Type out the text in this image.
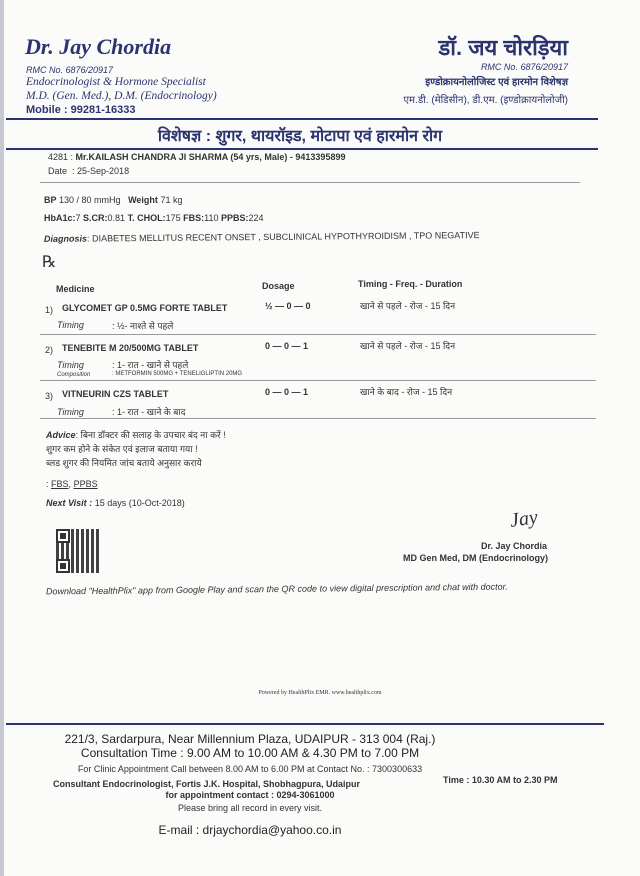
Dr. Jay Chordia
RMC No. 6876/20917
Endocrinologist & Hormone Specialist
M.D. (Gen. Med.), D.M. (Endocrinology)
Mobile : 99281-16333
डॉ. जय चोरड़िया
RMC No. 6876/20917
इण्डोक्रायनोलोजिस्ट एवं हारमोन विशेषज्ञ
एम.डी. (मेडिसीन), डी.एम. (इण्डोक्रायनोलोजी)
विशेषज्ञ : शुगर, थायरॉइड, मोटापा एवं हारमोन रोग
4281 : Mr.KAILASH CHANDRA JI SHARMA (54 yrs, Male) - 9413395899
Date  : 25-Sep-2018
BP 130 / 80 mmHg Weight 71 kg
HbA1c:7 S.CR:0.81 T. CHOL:175 FBS:110 PPBS:224
Diagnosis: DIABETES MELLITUS RECENT ONSET , SUBCLINICAL HYPOTHYROIDISM , TPO NEGATIVE
℞
Medicine	Dosage	Timing - Freq. - Duration
1) GLYCOMET GP 0.5MG FORTE TABLET	½ — 0 — 0	खाने से पहले - रोज - 15 दिन
Timing	: ½- नाश्ते से पहले
2) TENEBITE M 20/500MG TABLET	0 — 0 — 1	खाने से पहले - रोज - 15 दिन
Timing	: 1- रात - खाने से पहले
Composition	: METFORMIN 500MG + TENELIGLIPTIN 20MG
3) VITNEURIN CZS TABLET	0 — 0 — 1	खाने के बाद - रोज - 15 दिन
Timing	: 1- रात - खाने के बाद
Advice: बिना डॉक्टर की सलाह के उपचार बंद ना करें !
शुगर कम होने के संकेत एवं इलाज बताया गया !
ब्लड शुगर की नियमित जांच बताये अनुसार कराये
: FBS, PPBS
Next Visit : 15 days (10-Oct-2018)
Jay
Dr. Jay Chordia
MD Gen Med, DM (Endocrinology)
Download "HealthPlix" app from Google Play and scan the QR code to view digital prescription and chat with doctor.
Powered by HealthPlix EMR. www.healthplix.com
221/3, Sardarpura, Near Millennium Plaza, UDAIPUR - 313 004 (Raj.)
Consultation Time : 9.00 AM to 10.00 AM & 4.30 PM to 7.00 PM
For Clinic Appointment Call between 8.00 AM to 6.00 PM at Contact No. : 7300300633
Consultant Endocrinologist, Fortis J.K. Hospital, Shobhagpura, Udaipur	Time : 10.30 AM to 2.30 PM
for appointment contact : 0294-3061000
Please bring all record in every visit.
E-mail : drjaychordia@yahoo.co.in
